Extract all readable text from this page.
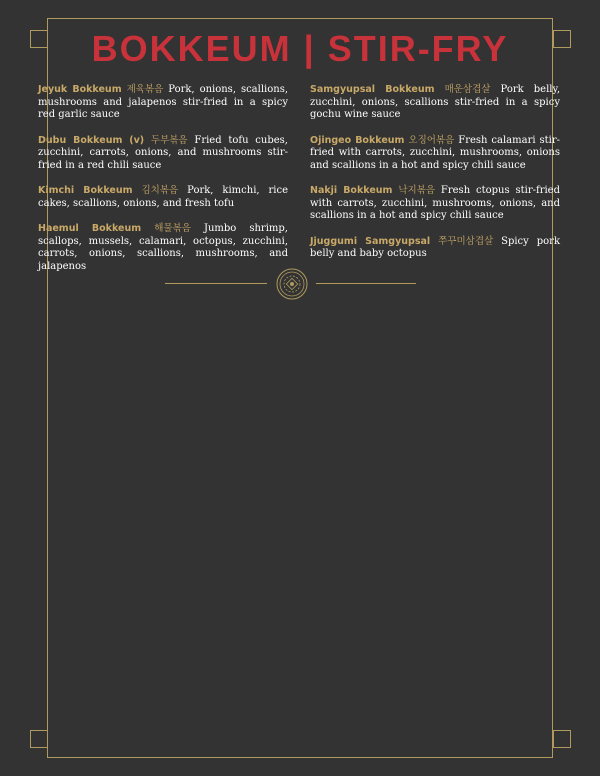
BOKKEUM | STIR-FRY

Jeyuk Bokkeum 제육볶음 Pork, onions, scallions, mushrooms and jalapenos stir-fried in a spicy red garlic sauce

Dubu Bokkeum (v) 두부볶음 Fried tofu cubes, zucchini, carrots, onions, and mushrooms stir-fried in a red chili sauce

Kimchi Bokkeum 김치볶음 Pork, kimchi, rice cakes, scallions, onions, and fresh tofu

Haemul Bokkeum 해물볶음 Jumbo shrimp, scallops, mussels, calamari, octopus, zucchini, carrots, onions, scallions, mushrooms, and jalapenos

Samgyupsal Bokkeum 매운삼겹살 Pork belly, zucchini, onions, scallions stir-fried in a spicy gochu wine sauce

Ojingeo Bokkeum 오징어볶음 Fresh calamari stir-fried with carrots, zucchini, mushrooms, onions and scallions in a hot and spicy chili sauce

Nakji Bokkeum 낙지볶음 Fresh ctopus stir-fried with carrots, zucchini, mushrooms, onions, and scallions in a hot and spicy chili sauce

Jjuggumi Samgyupsal 쭈꾸미삼겹살 Spicy pork belly and baby octopus
